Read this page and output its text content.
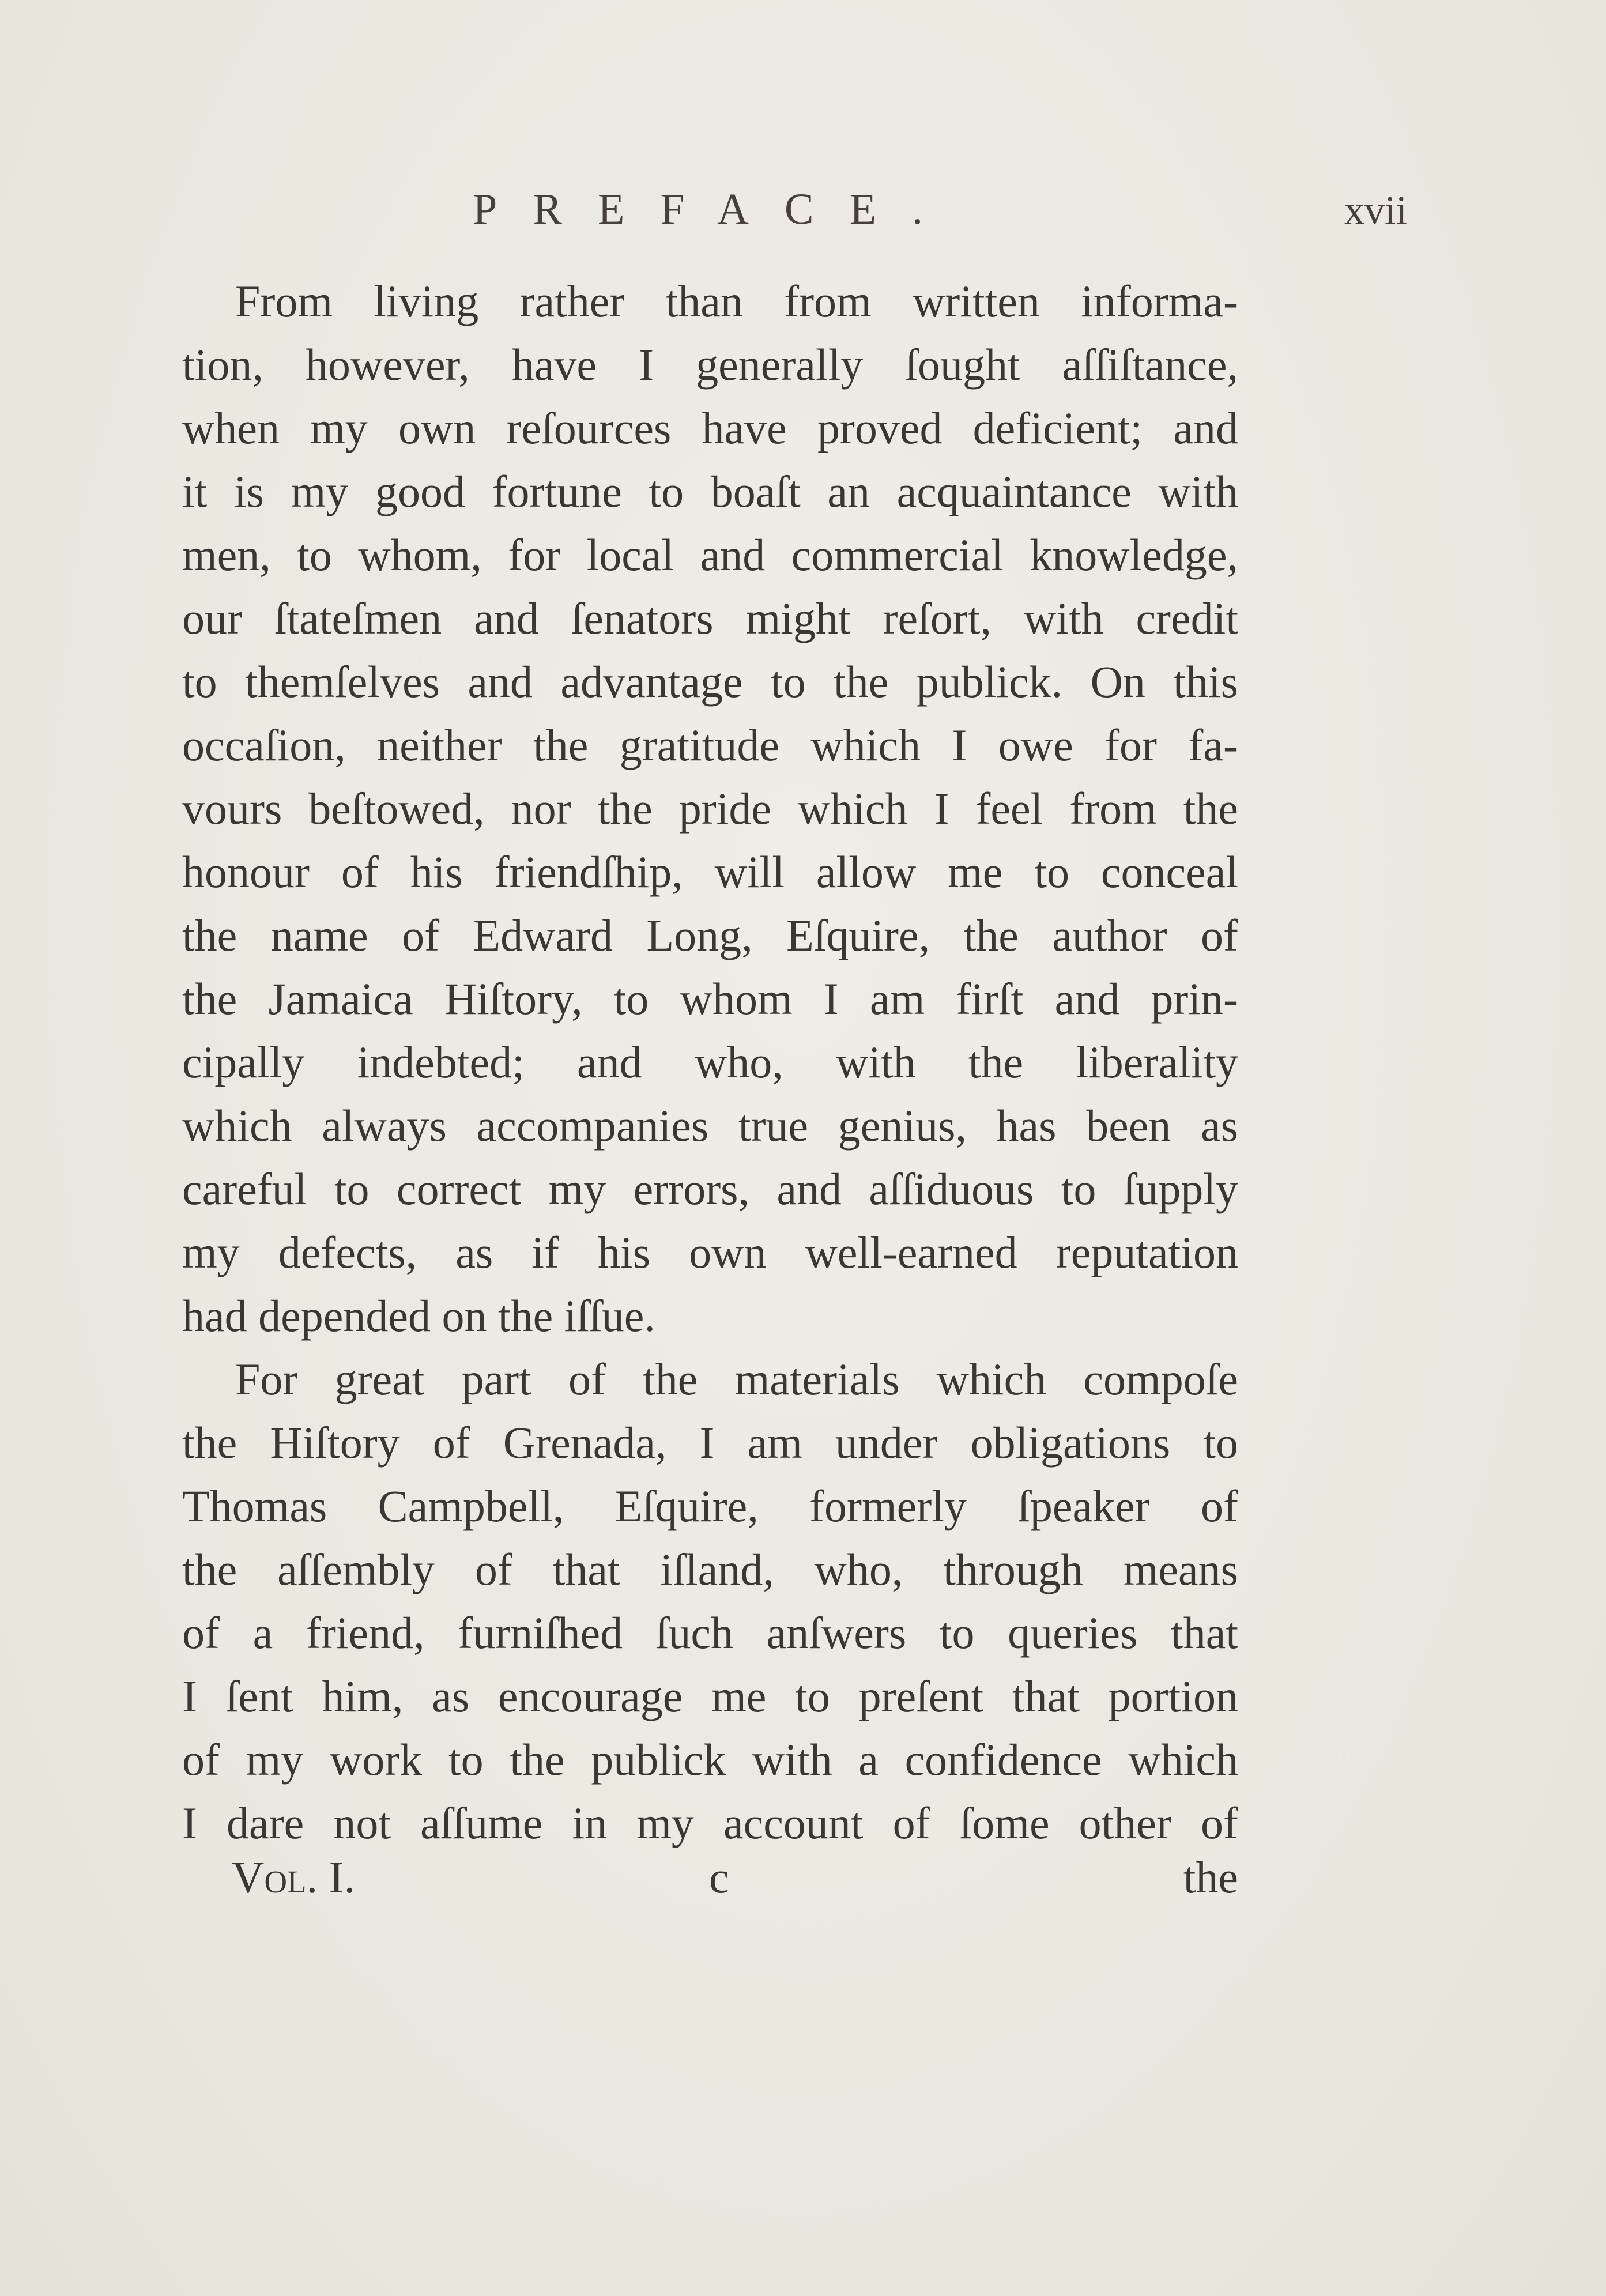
PREFACE.	xvii
From living rather than from written informa-
tion, however, have I generally ſought aſſiſtance,
when my own reſources have proved deficient; and
it is my good fortune to boaſt an acquaintance with
men, to whom, for local and commercial knowledge,
our ſtateſmen and ſenators might reſort, with credit
to themſelves and advantage to the publick. On this
occaſion, neither the gratitude which I owe for fa-
vours beſtowed, nor the pride which I feel from the
honour of his friendſhip, will allow me to conceal
the name of Edward Long, Eſquire, the author of
the Jamaica Hiſtory, to whom I am firſt and prin-
cipally indebted; and who, with the liberality
which always accompanies true genius, has been as
careful to correct my errors, and aſſiduous to ſupply
my defects, as if his own well-earned reputation
had depended on the iſſue.
For great part of the materials which compoſe
the Hiſtory of Grenada, I am under obligations to
Thomas Campbell, Eſquire, formerly ſpeaker of
the aſſembly of that iſland, who, through means
of a friend, furniſhed ſuch anſwers to queries that
I ſent him, as encourage me to preſent that portion
of my work to the publick with a confidence which
I dare not aſſume in my account of ſome other of
Vol. I.	c	the
